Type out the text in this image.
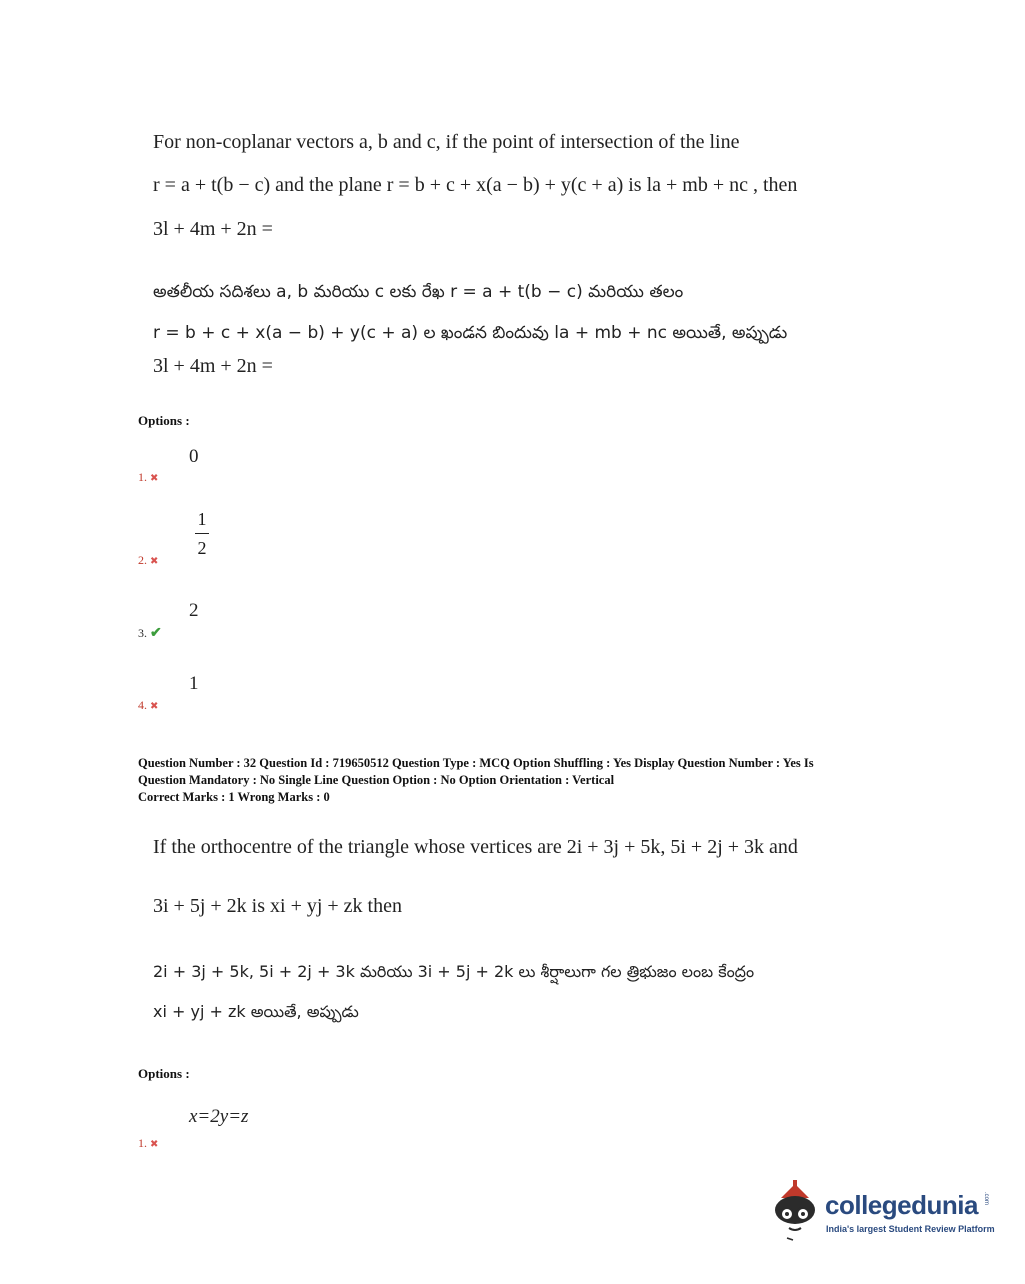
For non-coplanar vectors a, b and c, if the point of intersection of the line
r = a + t(b − c) and the plane r = b + c + x(a − b) + y(c + a) is la + mb + nc , then
3l + 4m + 2n =
అతలీయ సదిశలు a, b మరియు c లకు రేఖ r = a + t(b − c) మరియు తలం
r = b + c + x(a − b) + y(c + a) ల ఖండన బిందువు la + mb + nc అయితే, అప్పుడు
3l + 4m + 2n =
Options :
0
1. ✖
1
2
2. ✖
2
3. ✔
1
4. ✖
Question Number : 32 Question Id : 719650512 Question Type : MCQ Option Shuffling : Yes Display Question Number : Yes Is
Question Mandatory : No Single Line Question Option : No Option Orientation : Vertical
Correct Marks : 1 Wrong Marks : 0
If the orthocentre of the triangle whose vertices are 2i + 3j + 5k, 5i + 2j + 3k and
3i + 5j + 2k is xi + yj + zk then
2i + 3j + 5k, 5i + 2j + 3k మరియు 3i + 5j + 2k లు శీర్షాలుగా గల త్రిభుజం లంబ కేంద్రం
xi + yj + zk అయితే, అప్పుడు
Options :
x=2y=z
1. ✖
collegedunia .com
India's largest Student Review Platform
